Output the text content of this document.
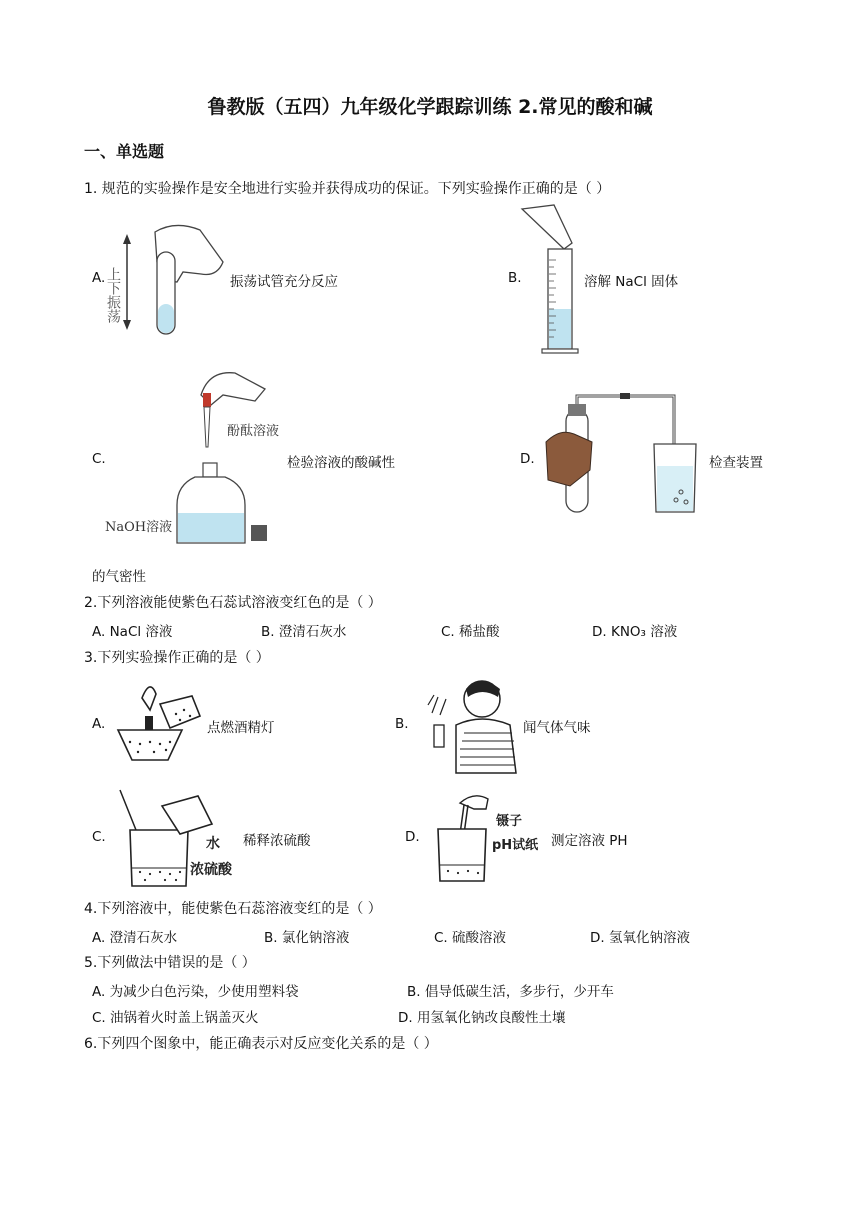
鲁教版（五四）九年级化学跟踪训练 2.常见的酸和碱
一、单选题
1. 规范的实验操作是安全地进行实验并获得成功的保证。下列实验操作正确的是（ ）
A. 上下振荡	振荡试管充分反应	B.	溶解 NaCl 固体
C.
酚酞溶液
NaOH溶液
检验溶液的酸碱性	D.	检查装置
的气密性
2.下列溶液能使紫色石蕊试溶液变红色的是（ ）
A. NaCl 溶液	B. 澄清石灰水	C. 稀盐酸	D. KNO₃ 溶液
3.下列实验操作正确的是（ ）
A.	点燃酒精灯	B.	闻气体气味
C.	水
浓硫酸
稀释浓硫酸	D.
镊子
pH试纸 测定溶液 PH
4.下列溶液中，能使紫色石蕊溶液变红的是（ ）
A. 澄清石灰水	B. 氯化钠溶液	C. 硫酸溶液	D. 氢氧化钠溶液
5.下列做法中错误的是（ ）
A. 为减少白色污染，少使用塑料袋	B. 倡导低碳生活，多步行，少开车
C. 油锅着火时盖上锅盖灭火	D. 用氢氧化钠改良酸性土壤
6.下列四个图象中，能正确表示对反应变化关系的是（ ）
